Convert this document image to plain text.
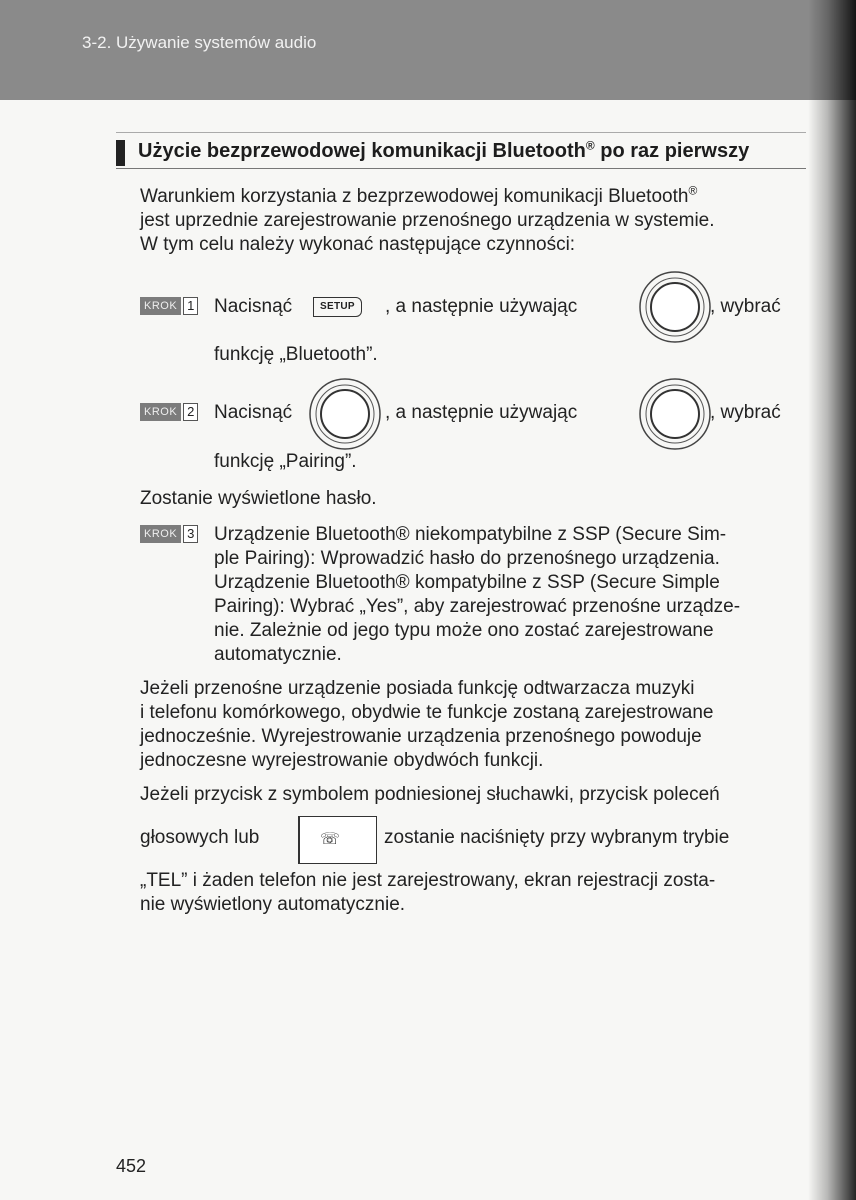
3-2. Używanie systemów audio
Użycie bezprzewodowej komunikacji Bluetooth® po raz pierwszy
Warunkiem korzystania z bezprzewodowej komunikacji Bluetooth®
jest uprzednie zarejestrowanie przenośnego urządzenia w systemie.
W tym celu należy wykonać następujące czynności:
KROK 1 Nacisnąć	SETUP	, a następnie używając	, wybrać
funkcję „Bluetooth”.
KROK 2 Nacisnąć	, a następnie używając	, wybrać
funkcję „Pairing”.
Zostanie wyświetlone hasło.
KROK 3 Urządzenie Bluetooth® niekompatybilne z SSP (Secure Sim-
ple Pairing): Wprowadzić hasło do przenośnego urządzenia.
Urządzenie Bluetooth® kompatybilne z SSP (Secure Simple
Pairing): Wybrać „Yes”, aby zarejestrować przenośne urządze-
nie. Zależnie od jego typu może ono zostać zarejestrowane
automatycznie.
Jeżeli przenośne urządzenie posiada funkcję odtwarzacza muzyki
i telefonu komórkowego, obydwie te funkcje zostaną zarejestrowane
jednocześnie. Wyrejestrowanie urządzenia przenośnego powoduje
jednoczesne wyrejestrowanie obydwóch funkcji.
Jeżeli przycisk z symbolem podniesionej słuchawki, przycisk poleceń
głosowych lub	☏ zostanie naciśnięty przy wybranym trybie
„TEL” i żaden telefon nie jest zarejestrowany, ekran rejestracji zosta-
nie wyświetlony automatycznie.
452
